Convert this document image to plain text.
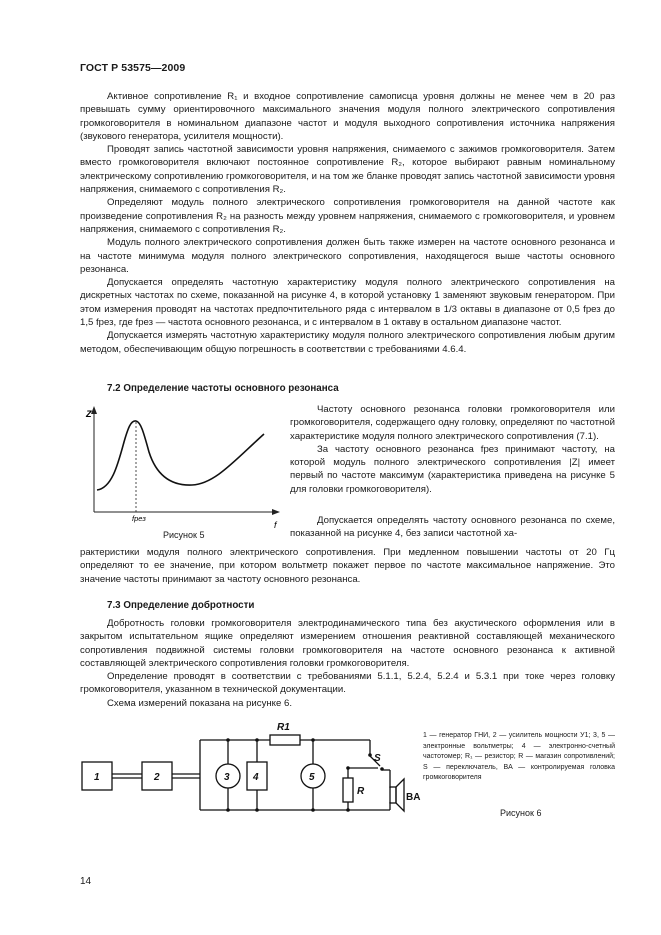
ГОСТ Р 53575—2009

Активное сопротивление R₁ и входное сопротивление самописца уровня должны не менее чем в 20 раз превышать сумму ориентировочного максимального значения модуля полного электрического сопротивления громкоговорителя в номинальном диапазоне частот и модуля выходного сопротивления источника напряжения (звукового генератора, усилителя мощности).

Проводят запись частотной зависимости уровня напряжения, снимаемого с зажимов громкоговорителя. Затем вместо громкоговорителя включают постоянное сопротивление R₂, которое выбирают равным номинальному электрическому сопротивлению громкоговорителя, и на том же бланке проводят запись частотной зависимости уровня напряжения, снимаемого с сопротивления R₂.

Определяют модуль полного электрического сопротивления громкоговорителя на данной частоте как произведение сопротивления R₂ на разность между уровнем напряжения, снимаемого с громкоговорителя, и уровнем напряжения, снимаемого с сопротивления R₂.

Модуль полного электрического сопротивления должен быть также измерен на частоте основного резонанса и на частоте минимума модуля полного электрического сопротивления, находящегося выше частоты основного резонанса.

Допускается определять частотную характеристику модуля полного электрического сопротивления на дискретных частотах по схеме, показанной на рисунке 4, в которой установку 1 заменяют звуковым генератором. При этом измерения проводят на частотах предпочтительного ряда с интервалом в 1/3 октавы в диапазоне от 0,5 fрез до 1,5 fрез, где fрез — частота основного резонанса, и с интервалом в 1 октаву в остальном диапазоне частот.

Допускается измерять частотную характеристику модуля полного электрического сопротивления любым другим методом, обеспечивающим общую погрешность в соответствии с требованиями 4.6.4.

7.2 Определение частоты основного резонанса
Z
f
fрез
Рисунок 5

Частоту основного резонанса головки громкоговорителя или громкоговорителя, содержащего одну головку, определяют по частотной характеристике модуля полного электрического сопротивления (7.1).

За частоту основного резонанса fрез принимают частоту, на которой модуль полного электрического сопротивления |Z| имеет первый по частоте максимум (характеристика приведена на рисунке 5 для головки громкоговорителя).

Допускается определять частоту основного резонанса по схеме, показанной на рисунке 4, без записи частотной ха-

рактеристики модуля полного электрического сопротивления. При медленном повышении частоты от 20 Гц определяют то ее значение, при котором вольтметр покажет первое по частоте максимальное напряжение. Это значение частоты принимают за частоту основного резонанса.

7.3 Определение добротности

Добротность головки громкоговорителя электродинамического типа без акустического оформления или в закрытом испытательном ящике определяют измерением отношения реактивной составляющей механического сопротивления подвижной системы головки громкоговорителя на частоте основного резонанса к активной составляющей электрического сопротивления головки громкоговорителя.

Определение проводят в соответствии с требованиями 5.1.1, 5.2.4, 5.2.4 и 5.3.1 при токе через головку громкоговорителя, указанном в технической документации.

Схема измерений показана на рисунке 6.

1	2	3 4	5
R1
R
S
BA
1 — генератор ГНИ, 2 — усилитель мощности У1; 3, 5 — электронные вольтметры; 4 — электронно-счетный частотомер; R₁ — резистор; R — магазин сопротивлений; S — переключатель, BA — контролируемая головка громкоговорителя
Рисунок 6
14
